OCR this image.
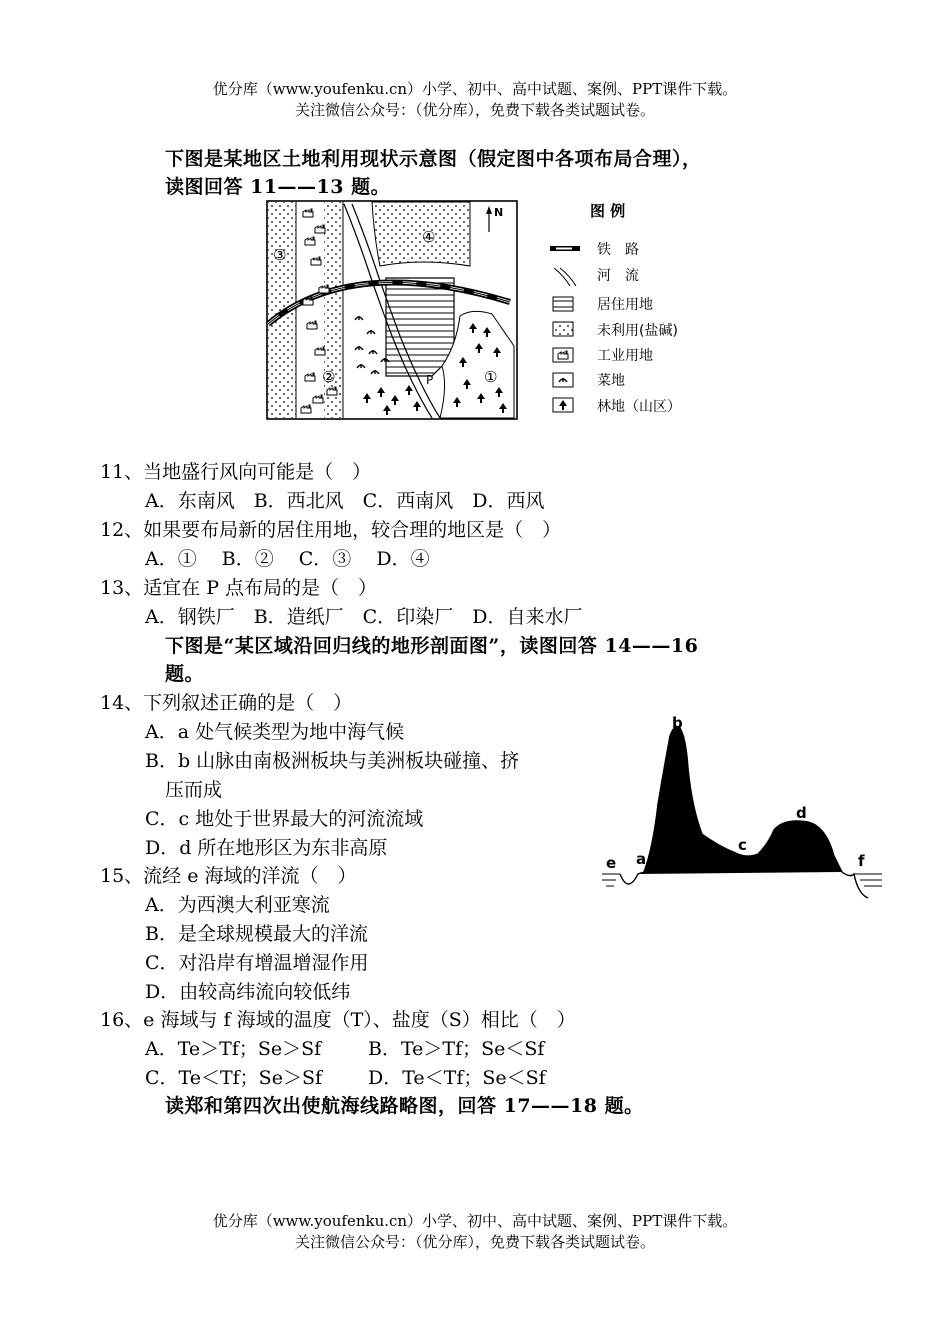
优分库（www.youfenku.cn）小学、初中、高中试题、案例、PPT课件下载。
关注微信公众号：（优分库），免费下载各类试题试卷。
下图是某地区土地利用现状示意图（假定图中各项布局合理），
读图回答 11——13 题。
N
③
②	①
④
P
图 例
铁　路
河　流
居住用地
未利用(盐碱)
工业用地
菜地
林地（山区）
11、当地盛行风向可能是（　）
A．东南风　B．西北风　C．西南风　D．西风
12、如果要布局新的居住用地，较合理的地区是（　）
A．①　 B．②　 C．③　 D．④
13、适宜在 P 点布局的是（　）
A．钢铁厂　B．造纸厂　C．印染厂　D．自来水厂
下图是“某区域沿回归线的地形剖面图”，读图回答 14——16
题。
14、下列叙述正确的是（　）
A．a 处气候类型为地中海气候
B．b 山脉由南极洲板块与美洲板块碰撞、挤
压而成
C．c 地处于世界最大的河流流域
D．d 所在地形区为东非高原
15、流经 e 海域的洋流（　）
A．为西澳大利亚寒流
B．是全球规模最大的洋流
C．对沿岸有增温增湿作用
D．由较高纬流向较低纬
e a
b
c
d
f
70°	60°	50°
16、e 海域与 f 海域的温度（T）、盐度（S）相比（　）
A．Te＞Tf；Se＞Sf B．Te＞Tf；Se＜Sf
C．Te＜Tf；Se＞Sf D．Te＜Tf；Se＜Sf
读郑和第四次出使航海线路略图，回答 17——18 题。
优分库（www.youfenku.cn）小学、初中、高中试题、案例、PPT课件下载。
关注微信公众号：（优分库），免费下载各类试题试卷。
